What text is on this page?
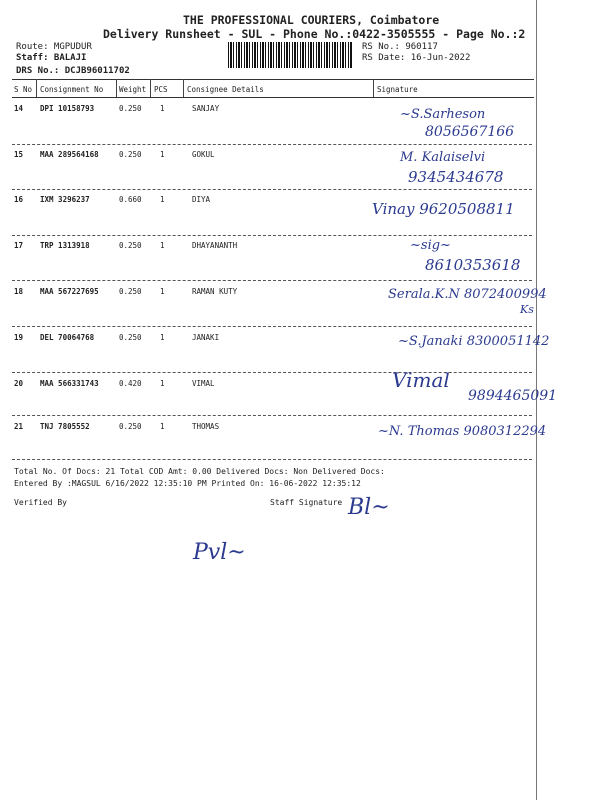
THE PROFESSIONAL COURIERS, Coimbatore
Delivery Runsheet - SUL - Phone No.:0422-3505555 - Page No.:2
Route: MGPUDUR
Staff: BALAJI
DRS No.: DCJB96011702
RS No.: 960117
RS Date: 16-Jun-2022
S No Consignment No Weight PCS	Consignee Details	Signature
14 DPI 10158793	0.250 1	SANJAY	~S.Sarheson
8056567166
15 MAA 289564168	0.250 1	GOKUL	M. Kalaiselvi
9345434678
16 IXM 3296237	0.660 1	DIYA
Vinay 9620508811
17 TRP 1313918	0.250 1	DHAYANANTH	~sig~
8610353618
18 MAA 567227695	0.250 1	RAMAN KUTY	Serala.K.N 8072400994
Ks
19 DEL 70064768	0.250 1	JANAKI	~S.Janaki 8300051142
20 MAA 566331743	0.420 1	VIMAL	Vimal
9894465091
21 TNJ 7805552	0.250 1	THOMAS	~N. Thomas 9080312294
Total No. Of Docs: 21 Total COD Amt: 0.00 Delivered Docs: Non Delivered Docs:
Entered By :MAGSUL 6/16/2022 12:35:10 PM Printed On: 16-06-2022 12:35:12
Verified By	Staff Signature Bl~
Pvl~
